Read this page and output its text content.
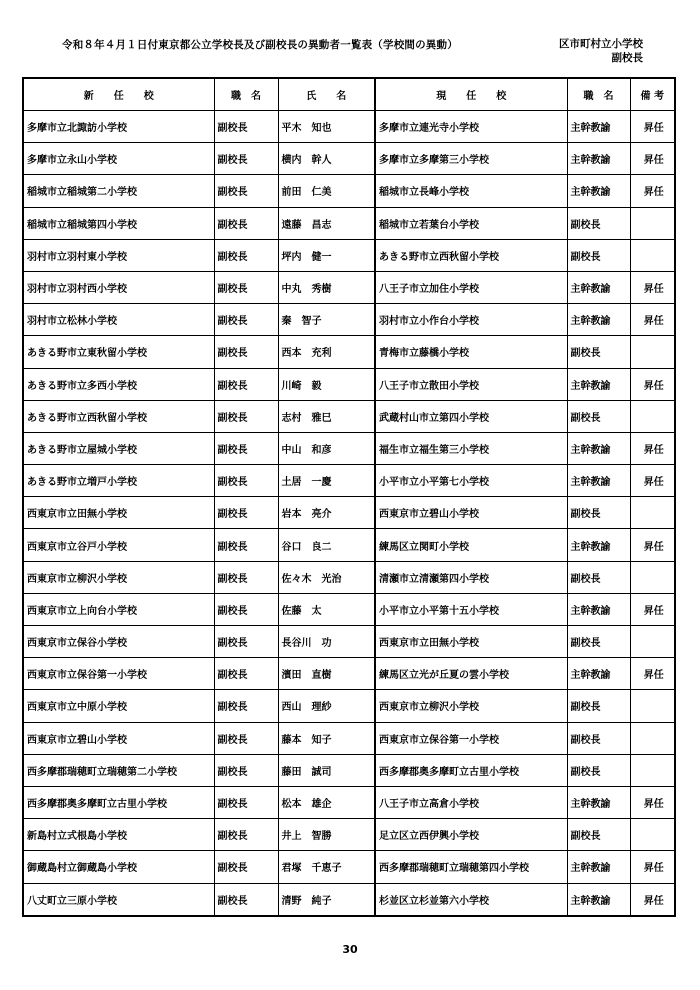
令和８年４月１日付東京都公立学校長及び副校長の異動者一覧表（学校間の異動）	区市町村立小学校
副校長
新　　任　　校	職　名	氏　　名	現　　任　　校	職　名	備 考
多摩市立北諏訪小学校	副校長	平木　知也	多摩市立連光寺小学校	主幹教諭	昇任
多摩市立永山小学校	副校長	横内　幹人	多摩市立多摩第三小学校	主幹教諭	昇任
稲城市立稲城第二小学校	副校長	前田　仁美	稲城市立長峰小学校	主幹教諭	昇任
稲城市立稲城第四小学校	副校長	遠藤　昌志	稲城市立若葉台小学校	副校長	
羽村市立羽村東小学校	副校長	坪内　健一	あきる野市立西秋留小学校	副校長	
羽村市立羽村西小学校	副校長	中丸　秀樹	八王子市立加住小学校	主幹教諭	昇任
羽村市立松林小学校	副校長	秦　智子	羽村市立小作台小学校	主幹教諭	昇任
あきる野市立東秋留小学校	副校長	西本　充利	青梅市立藤橋小学校	副校長	
あきる野市立多西小学校	副校長	川崎　毅	八王子市立散田小学校	主幹教諭	昇任
あきる野市立西秋留小学校	副校長	志村　雅巳	武蔵村山市立第四小学校	副校長	
あきる野市立屋城小学校	副校長	中山　和彦	福生市立福生第三小学校	主幹教諭	昇任
あきる野市立増戸小学校	副校長	土居　一慶	小平市立小平第七小学校	主幹教諭	昇任
西東京市立田無小学校	副校長	岩本　亮介	西東京市立碧山小学校	副校長	
西東京市立谷戸小学校	副校長	谷口　良二	練馬区立関町小学校	主幹教諭	昇任
西東京市立柳沢小学校	副校長	佐々木　光治	清瀬市立清瀬第四小学校	副校長	
西東京市立上向台小学校	副校長	佐藤　太	小平市立小平第十五小学校	主幹教諭	昇任
西東京市立保谷小学校	副校長	長谷川　功	西東京市立田無小学校	副校長	
西東京市立保谷第一小学校	副校長	濱田　直樹	練馬区立光が丘夏の雲小学校	主幹教諭	昇任
西東京市立中原小学校	副校長	西山　理紗	西東京市立柳沢小学校	副校長	
西東京市立碧山小学校	副校長	藤本　知子	西東京市立保谷第一小学校	副校長	
西多摩郡瑞穂町立瑞穂第二小学校	副校長	藤田　誠司	西多摩郡奥多摩町立古里小学校	副校長	
西多摩郡奥多摩町立古里小学校	副校長	松本　雄企	八王子市立高倉小学校	主幹教諭	昇任
新島村立式根島小学校	副校長	井上　智勝	足立区立西伊興小学校	副校長	
御蔵島村立御蔵島小学校	副校長	君塚　千恵子	西多摩郡瑞穂町立瑞穂第四小学校	主幹教諭	昇任
八丈町立三原小学校	副校長	清野　純子	杉並区立杉並第六小学校	主幹教諭	昇任
30
